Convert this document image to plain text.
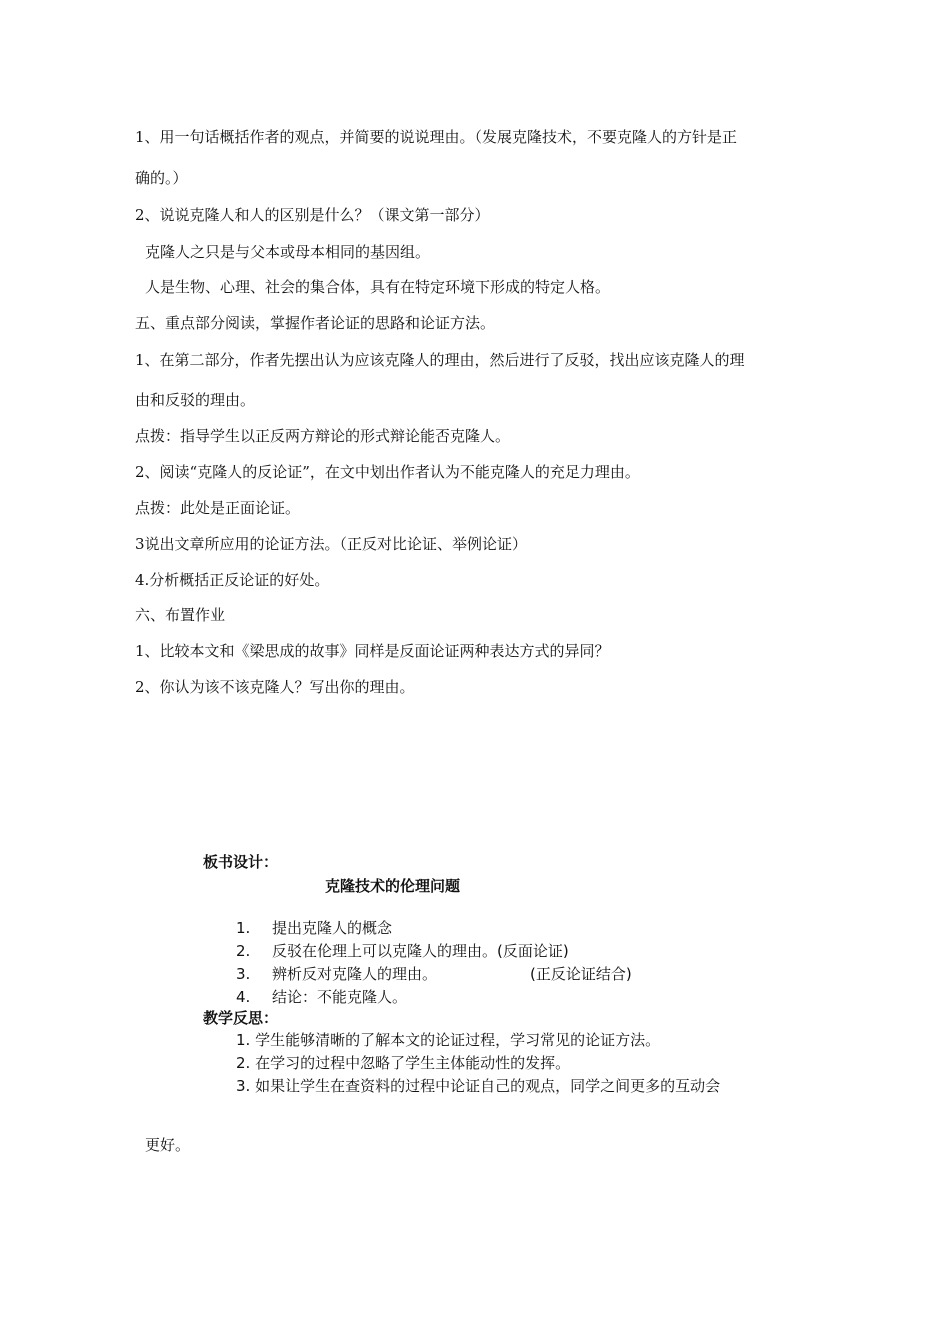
1、用一句话概括作者的观点，并简要的说说理由。（发展克隆技术，不要克隆人的方针是正
确的。）
2、说说克隆人和人的区别是什么？（课文第一部分）
克隆人之只是与父本或母本相同的基因组。
人是生物、心理、社会的集合体，具有在特定环境下形成的特定人格。
五、重点部分阅读，掌握作者论证的思路和论证方法。
1、在第二部分，作者先摆出认为应该克隆人的理由，然后进行了反驳，找出应该克隆人的理
由和反驳的理由。
点拨：指导学生以正反两方辩论的形式辩论能否克隆人。
2、阅读“克隆人的反论证”，在文中划出作者认为不能克隆人的充足力理由。
点拨：此处是正面论证。
3说出文章所应用的论证方法。（正反对比论证、举例论证）
4.分析概括正反论证的好处。
六、布置作业
1、比较本文和《梁思成的故事》同样是反面论证两种表达方式的异同？
2、你认为该不该克隆人？写出你的理由。
板书设计：
克隆技术的伦理问题
1. 提出克隆人的概念
2. 反驳在伦理上可以克隆人的理由。(反面论证)
3. 辨析反对克隆人的理由。	(正反论证结合)
4. 结论：不能克隆人。
教学反思：
1. 学生能够清晰的了解本文的论证过程，学习常见的论证方法。
2. 在学习的过程中忽略了学生主体能动性的发挥。
3. 如果让学生在查资料的过程中论证自己的观点，同学之间更多的互动会
更好。
